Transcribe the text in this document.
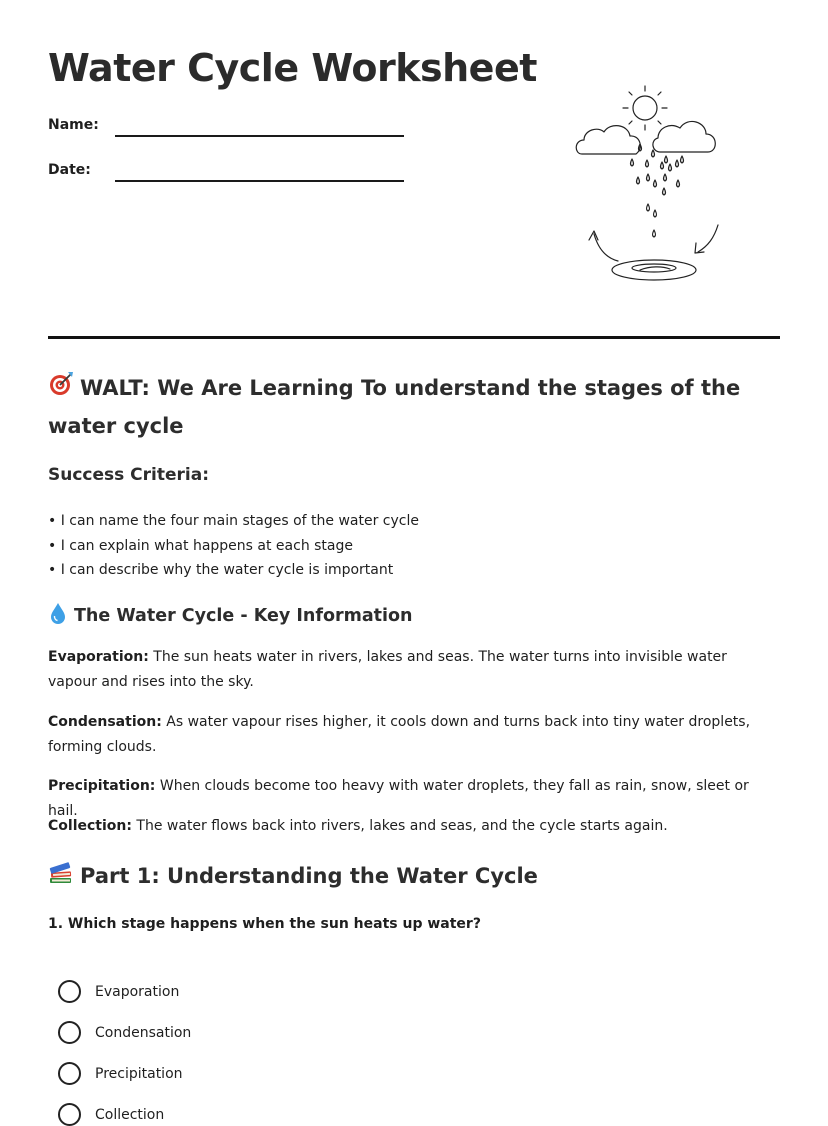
Water Cycle Worksheet
Name:
Date:
WALT: We Are Learning To understand the stages of the water cycle
Success Criteria:
• I can name the four main stages of the water cycle
• I can explain what happens at each stage
• I can describe why the water cycle is important
The Water Cycle - Key Information

Evaporation: The sun heats water in rivers, lakes and seas. The water turns into invisible water vapour and rises into the sky.

Condensation: As water vapour rises higher, it cools down and turns back into tiny water droplets, forming clouds.

Precipitation: When clouds become too heavy with water droplets, they fall as rain, snow, sleet or hail.

Collection: The water flows back into rivers, lakes and seas, and the cycle starts again.

Part 1: Understanding the Water Cycle

1. Which stage happens when the sun heats up water?

Evaporation
Condensation
Precipitation
Collection
